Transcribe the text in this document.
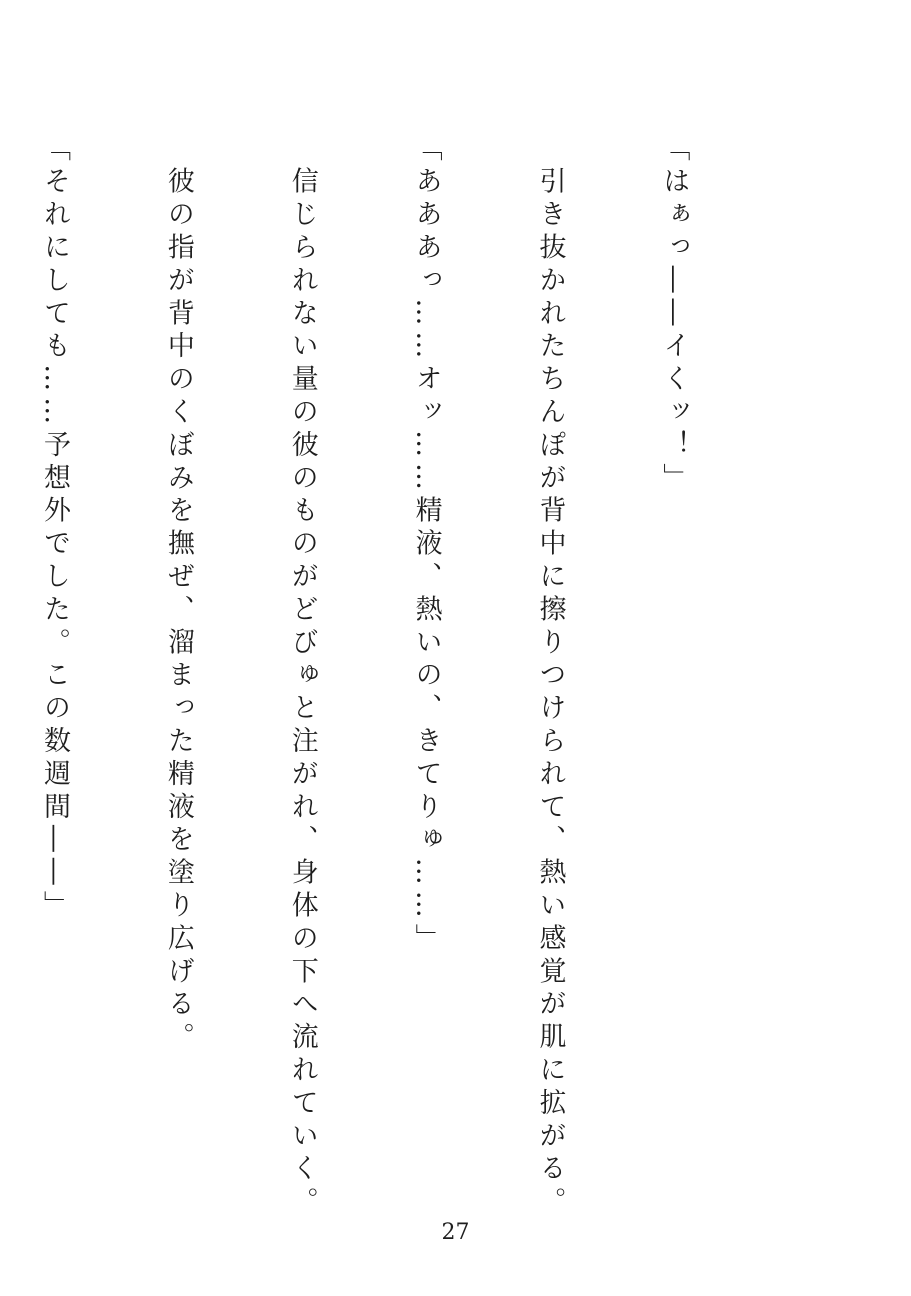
「はぁっ――イくッ！」

　引き抜かれたちんぽが背中に擦りつけられて、熱い感覚が肌に拡がる。

「あああっ……オッ……精液、熱いの、きてりゅ……」

　信じられない量の彼のものがどびゅと注がれ、身体の下へ流れていく。

　彼の指が背中のくぼみを撫ぜ、溜まった精液を塗り広げる。

「それにしても……予想外でした。この数週間――」

27
